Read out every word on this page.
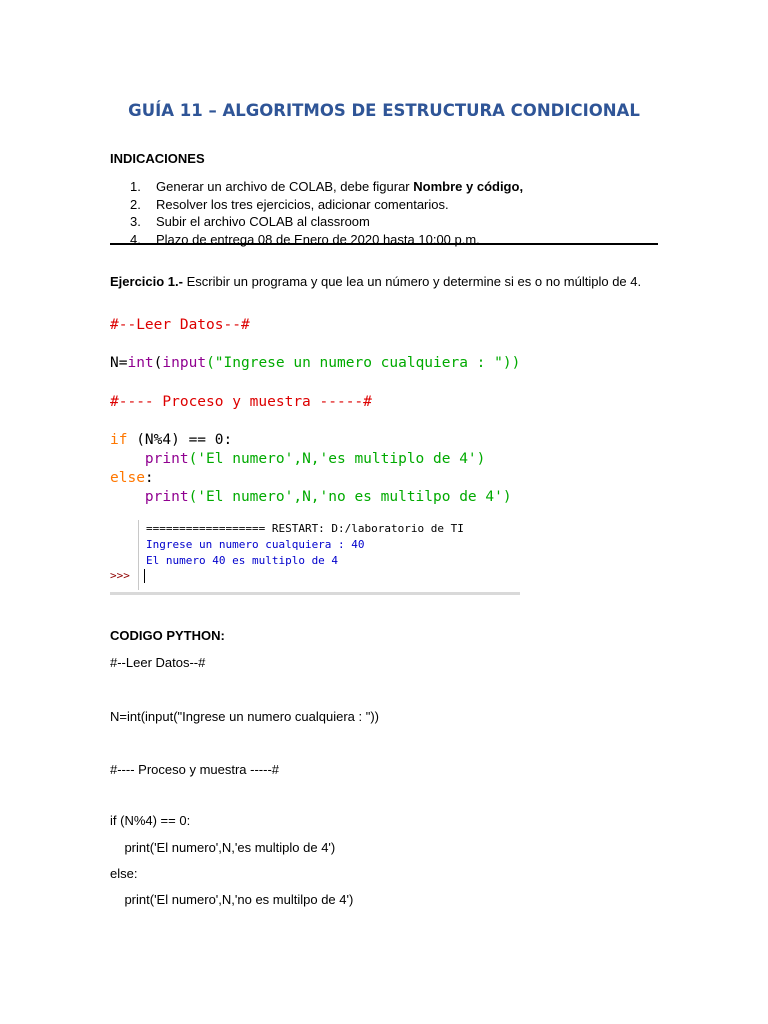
GUÍA 11 – ALGORITMOS DE ESTRUCTURA CONDICIONAL
INDICACIONES
1. Generar un archivo de COLAB, debe figurar Nombre y código,
2. Resolver los tres ejercicios, adicionar comentarios.
3. Subir el archivo COLAB al classroom
4. Plazo de entrega 08 de Enero de 2020 hasta 10:00 p.m.
Ejercicio 1.- Escribir un programa y que lea un número y determine si es o no múltiplo de 4.
#--Leer Datos--#
N=int(input("Ingrese un numero cualquiera : "))
#---- Proceso y muestra -----#
if (N%4) == 0:
print('El numero',N,'es multiplo de 4')
else:
print('El numero',N,'no es multilpo de 4')
================== RESTART: D:/laboratorio de TI
Ingrese un numero cualquiera : 40
El numero 40 es multiplo de 4
>>>
CODIGO PYTHON:
#--Leer Datos--#
N=int(input("Ingrese un numero cualquiera : "))
#---- Proceso y muestra -----#
if (N%4) == 0:
print('El numero',N,'es multiplo de 4')
else:
print('El numero',N,'no es multilpo de 4')
